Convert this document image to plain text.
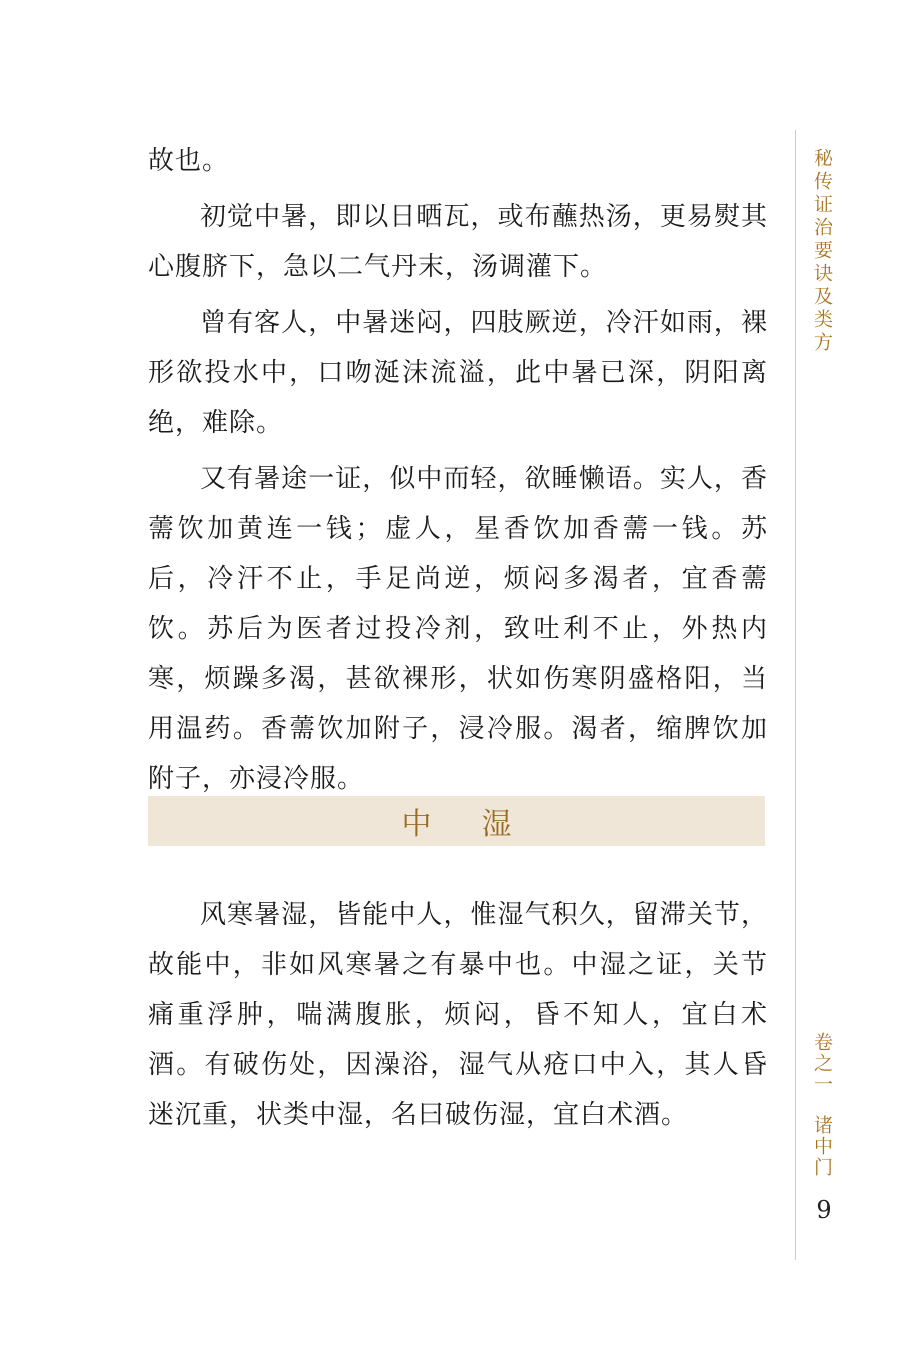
故也。

初觉中暑，即以日晒瓦，或布蘸热汤，更易熨其心腹脐下，急以二气丹末，汤调灌下。

曾有客人，中暑迷闷，四肢厥逆，冷汗如雨，裸形欲投水中，口吻涎沫流溢，此中暑已深，阴阳离绝，难除。

又有暑途一证，似中而轻，欲睡懒语。实人，香薷饮加黄连一钱；虚人，星香饮加香薷一钱。苏后，冷汗不止，手足尚逆，烦闷多渴者，宜香薷饮。苏后为医者过投冷剂，致吐利不止，外热内寒，烦躁多渴，甚欲裸形，状如伤寒阴盛格阳，当用温药。香薷饮加附子，浸冷服。渴者，缩脾饮加附子，亦浸冷服。

中湿

风寒暑湿，皆能中人，惟湿气积久，留滞关节，故能中，非如风寒暑之有暴中也。中湿之证，关节痛重浮肿，喘满腹胀，烦闷，昏不知人，宜白术酒。有破伤处，因澡浴，湿气从疮口中入，其人昏迷沉重，状类中湿，名曰破伤湿，宜白术酒。

秘传证治要诀及类方
卷之一
诸中门
9
